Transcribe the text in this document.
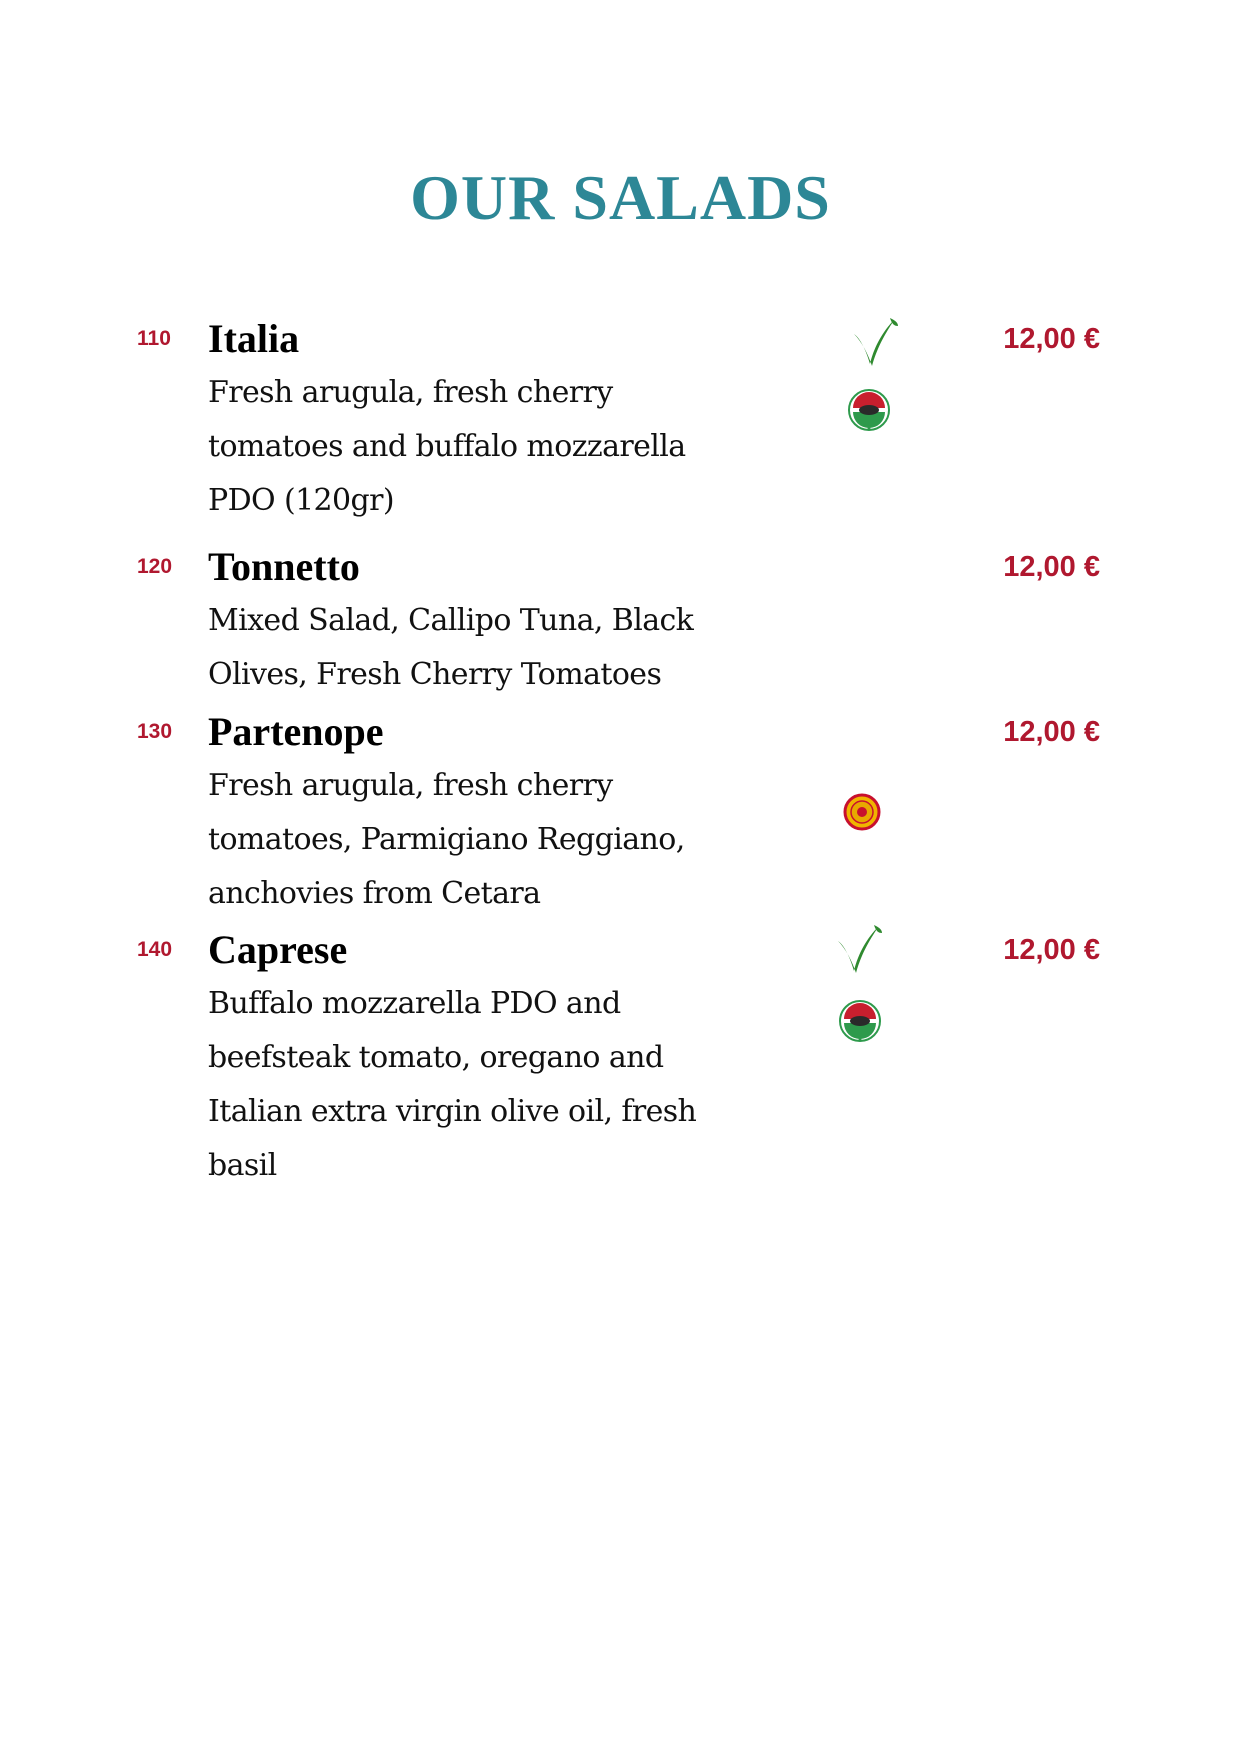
OUR SALADS
110 Italia	12,00 €
Fresh arugula, fresh cherry
tomatoes and buffalo mozzarella
PDO (120gr)
120 Tonnetto	12,00 €
Mixed Salad, Callipo Tuna, Black
Olives, Fresh Cherry Tomatoes
130 Partenope	12,00 €
Fresh arugula, fresh cherry
tomatoes, Parmigiano Reggiano,
anchovies from Cetara
140 Caprese	12,00 €
Buffalo mozzarella PDO and
beefsteak tomato, oregano and
Italian extra virgin olive oil, fresh
basil
